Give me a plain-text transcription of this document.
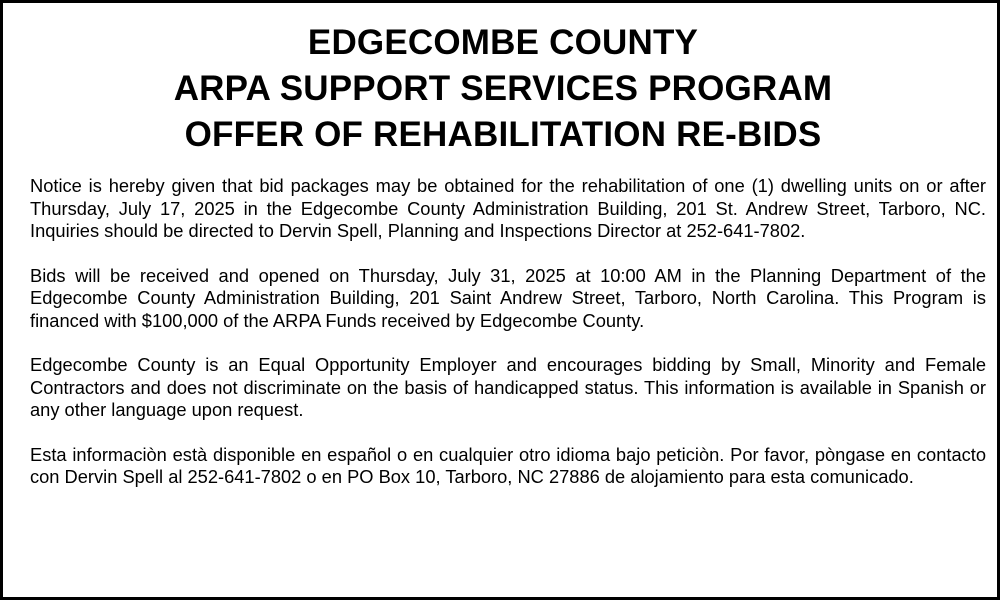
EDGECOMBE COUNTY
ARPA SUPPORT SERVICES PROGRAM
OFFER OF REHABILITATION RE-BIDS

Notice is hereby given that bid packages may be obtained for the rehabilitation of one (1) dwelling units on or after Thursday, July 17, 2025 in the Edgecombe County Administration Building, 201 St. Andrew Street, Tarboro, NC. Inquiries should be directed to Dervin Spell, Planning and Inspections Director at 252-641-7802.

Bids will be received and opened on Thursday, July 31, 2025 at 10:00 AM in the Planning Department of the Edgecombe County Administration Building, 201 Saint Andrew Street, Tarboro, North Carolina. This Program is financed with $100,000 of the ARPA Funds received by Edgecombe County.

Edgecombe County is an Equal Opportunity Employer and encourages bidding by Small, Minority and Female Contractors and does not discriminate on the basis of handicapped status. This information is available in Spanish or any other language upon request.

Esta informaciòn està disponible en español o en cualquier otro idioma bajo peticiòn. Por favor, pòngase en contacto con Dervin Spell al 252-641-7802 o en PO Box 10, Tarboro, NC 27886 de alojamiento para esta comunicado.
